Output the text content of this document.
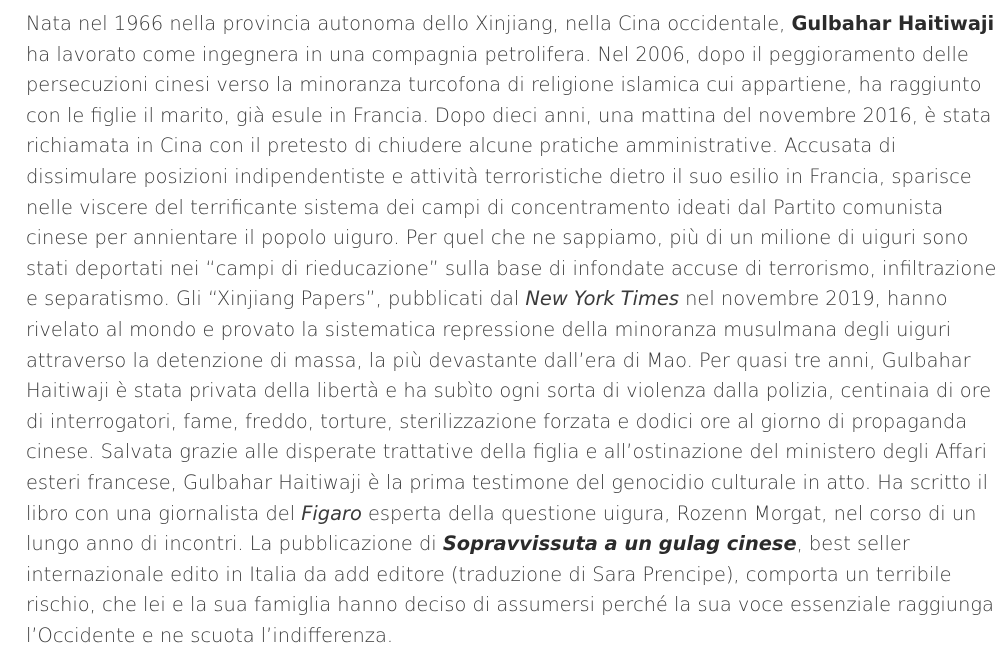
Nata nel 1966 nella provincia autonoma dello Xinjiang, nella Cina occidentale, Gulbahar Haitiwaji
ha lavorato come ingegnera in una compagnia petrolifera. Nel 2006, dopo il peggioramento delle
persecuzioni cinesi verso la minoranza turcofona di religione islamica cui appartiene, ha raggiunto
con le figlie il marito, già esule in Francia. Dopo dieci anni, una mattina del novembre 2016, è stata
richiamata in Cina con il pretesto di chiudere alcune pratiche amministrative. Accusata di
dissimulare posizioni indipendentiste e attività terroristiche dietro il suo esilio in Francia, sparisce
nelle viscere del terrificante sistema dei campi di concentramento ideati dal Partito comunista
cinese per annientare il popolo uiguro. Per quel che ne sappiamo, più di un milione di uiguri sono
stati deportati nei “campi di rieducazione” sulla base di infondate accuse di terrorismo, infiltrazione
e separatismo. Gli “Xinjiang Papers”, pubblicati dal New York Times nel novembre 2019, hanno
rivelato al mondo e provato la sistematica repressione della minoranza musulmana degli uiguri
attraverso la detenzione di massa, la più devastante dall’era di Mao. Per quasi tre anni, Gulbahar
Haitiwaji è stata privata della libertà e ha subìto ogni sorta di violenza dalla polizia, centinaia di ore
di interrogatori, fame, freddo, torture, sterilizzazione forzata e dodici ore al giorno di propaganda
cinese. Salvata grazie alle disperate trattative della figlia e all’ostinazione del ministero degli Affari
esteri francese, Gulbahar Haitiwaji è la prima testimone del genocidio culturale in atto. Ha scritto il
libro con una giornalista del Figaro esperta della questione uigura, Rozenn Morgat, nel corso di un
lungo anno di incontri. La pubblicazione di Sopravvissuta a un gulag cinese, best seller
internazionale edito in Italia da add editore (traduzione di Sara Prencipe), comporta un terribile
rischio, che lei e la sua famiglia hanno deciso di assumersi perché la sua voce essenziale raggiunga
l’Occidente e ne scuota l’indifferenza.
